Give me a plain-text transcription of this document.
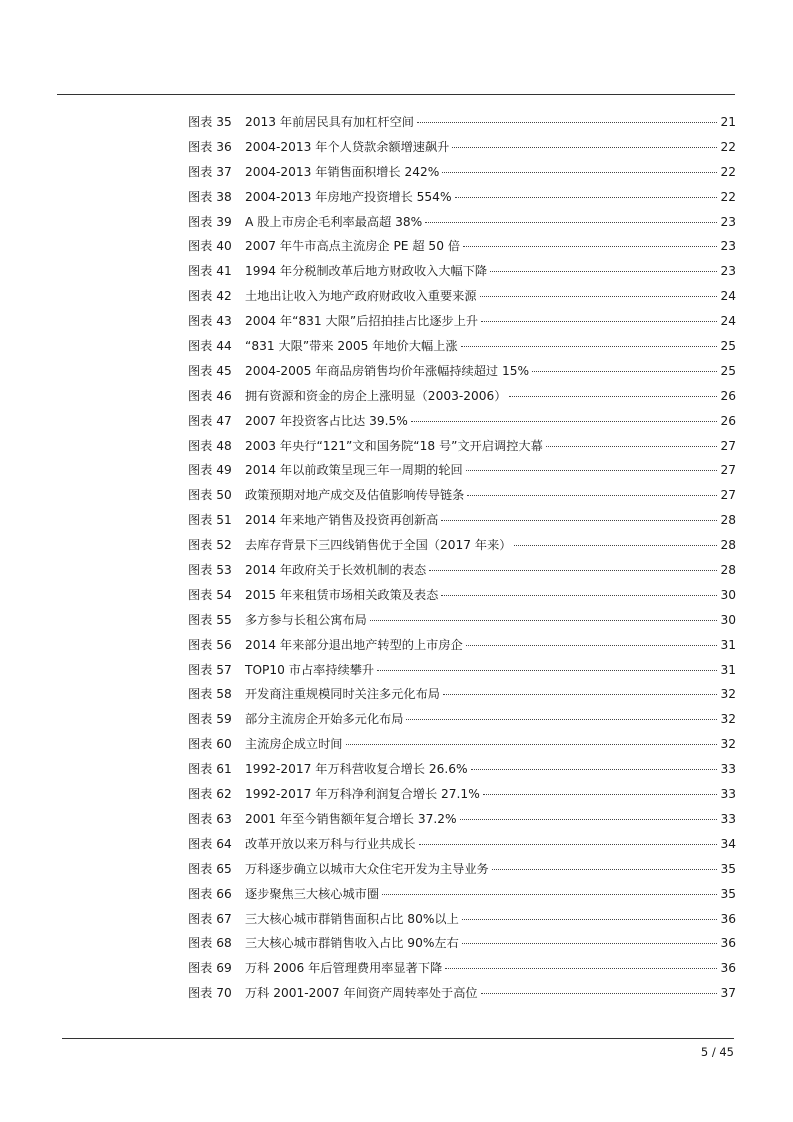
图表 35	2013 年前居民具有加杠杆空间	21
图表 36	2004-2013 年个人贷款余额增速飙升	22
图表 37	2004-2013 年销售面积增长 242%	22
图表 38	2004-2013 年房地产投资增长 554%	22
图表 39	A 股上市房企毛利率最高超 38%	23
图表 40	2007 年牛市高点主流房企 PE 超 50 倍	23
图表 41	1994 年分税制改革后地方财政收入大幅下降	23
图表 42	土地出让收入为地产政府财政收入重要来源	24
图表 43	2004 年“831 大限”后招拍挂占比逐步上升	24
图表 44	“831 大限”带来 2005 年地价大幅上涨	25
图表 45	2004-2005 年商品房销售均价年涨幅持续超过 15%	25
图表 46	拥有资源和资金的房企上涨明显（2003-2006）	26
图表 47	2007 年投资客占比达 39.5%	26
图表 48	2003 年央行“121”文和国务院“18 号”文开启调控大幕	27
图表 49	2014 年以前政策呈现三年一周期的轮回	27
图表 50	政策预期对地产成交及估值影响传导链条	27
图表 51	2014 年来地产销售及投资再创新高	28
图表 52	去库存背景下三四线销售优于全国（2017 年来）	28
图表 53	2014 年政府关于长效机制的表态	28
图表 54	2015 年来租赁市场相关政策及表态	30
图表 55	多方参与长租公寓布局	30
图表 56	2014 年来部分退出地产转型的上市房企	31
图表 57	TOP10 市占率持续攀升	31
图表 58	开发商注重规模同时关注多元化布局	32
图表 59	部分主流房企开始多元化布局	32
图表 60	主流房企成立时间	32
图表 61	1992-2017 年万科营收复合增长 26.6%	33
图表 62	1992-2017 年万科净利润复合增长 27.1%	33
图表 63	2001 年至今销售额年复合增长 37.2%	33
图表 64	改革开放以来万科与行业共成长	34
图表 65	万科逐步确立以城市大众住宅开发为主导业务	35
图表 66	逐步聚焦三大核心城市圈	35
图表 67	三大核心城市群销售面积占比 80%以上	36
图表 68	三大核心城市群销售收入占比 90%左右	36
图表 69	万科 2006 年后管理费用率显著下降	36
图表 70	万科 2001-2007 年间资产周转率处于高位	37
5 / 45
